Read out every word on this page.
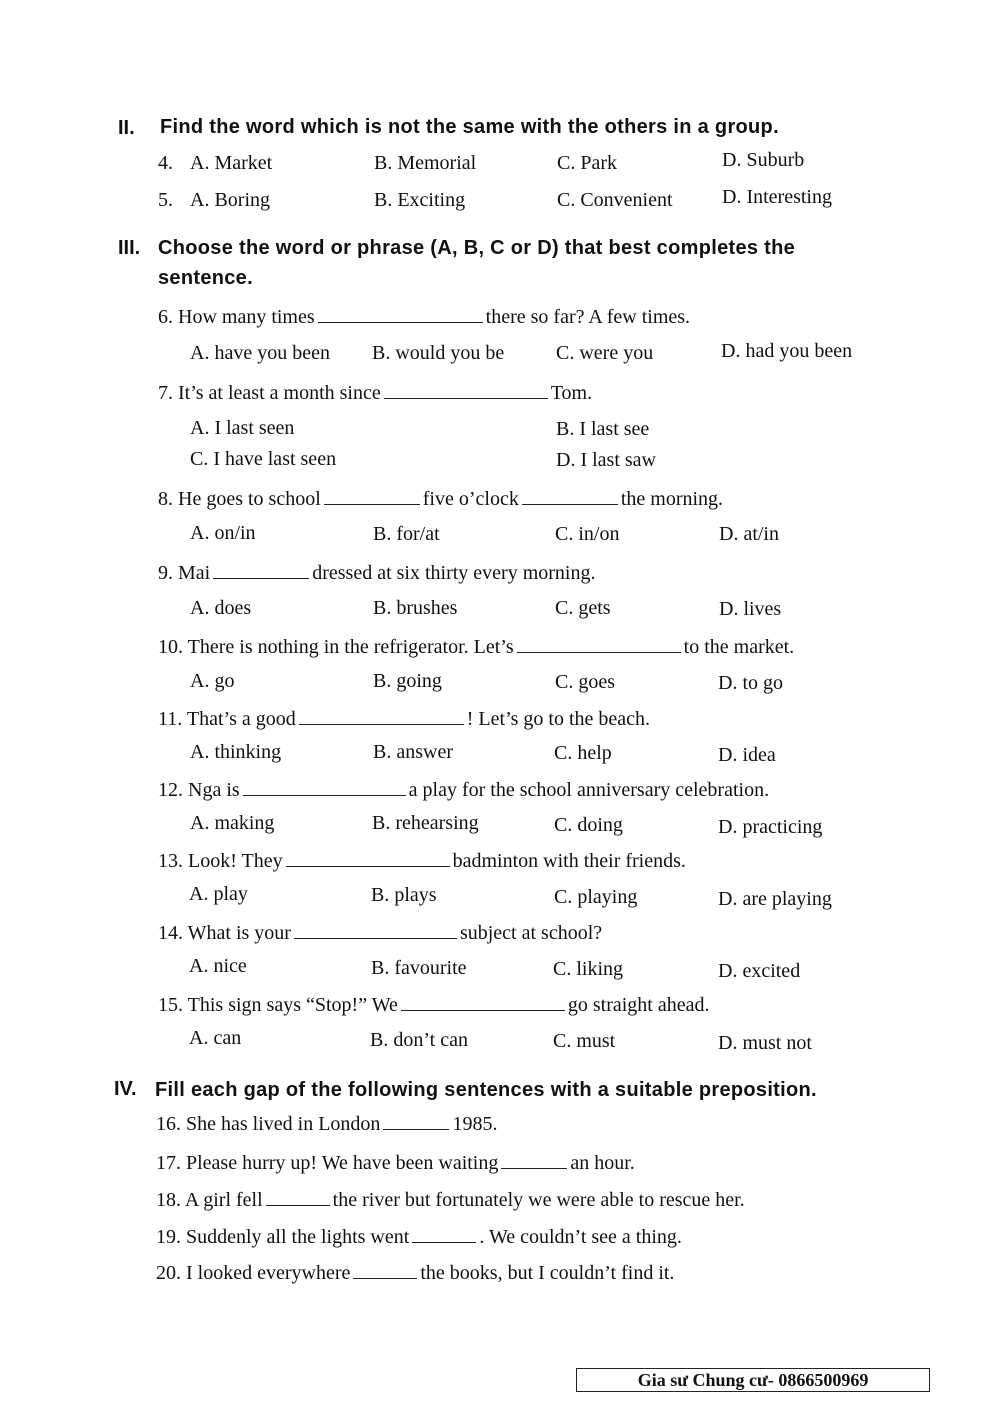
II. Find the word which is not the same with the others in a group.
4. A. Market	B. Memorial	C. Park	D. Suburb
5. A. Boring	B. Exciting	C. Convenient D. Interesting
III. Choose the word or phrase (A, B, C or D) that best completes the
sentence.
6. How many times	there so far? A few times.
A. have you been B. would you be	C. were you	D. had you been
7. It’s at least a month since	Tom.
A. I last seen	B. I last see
C. I have last seen	D. I last saw
8. He goes to school	five o’clock	the morning.
A. on/in	B. for/at	C. in/on	D. at/in
9. Mai	dressed at six thirty every morning.
A. does	B. brushes	C. gets	D. lives
10. There is nothing in the refrigerator. Let’s	to the market.
A. go	B. going	C. goes	D. to go
11. That’s a good	! Let’s go to the beach.
A. thinking	B. answer	C. help	D. idea
12. Nga is	a play for the school anniversary celebration.
A. making	B. rehearsing	C. doing	D. practicing
13. Look! They	badminton with their friends.
A. play	B. plays	C. playing	D. are playing
14. What is your	subject at school?
A. nice	B. favourite	C. liking	D. excited
15. This sign says “Stop!” We	go straight ahead.
A. can	B. don’t can	C. must	D. must not
IV. Fill each gap of the following sentences with a suitable preposition.
16. She has lived in London	1985.
17. Please hurry up! We have been waiting	an hour.
18. A girl fell	the river but fortunately we were able to rescue her.
19. Suddenly all the lights went	. We couldn’t see a thing.
20. I looked everywhere	the books, but I couldn’t find it.
Gia sư Chung cư- 0866500969
